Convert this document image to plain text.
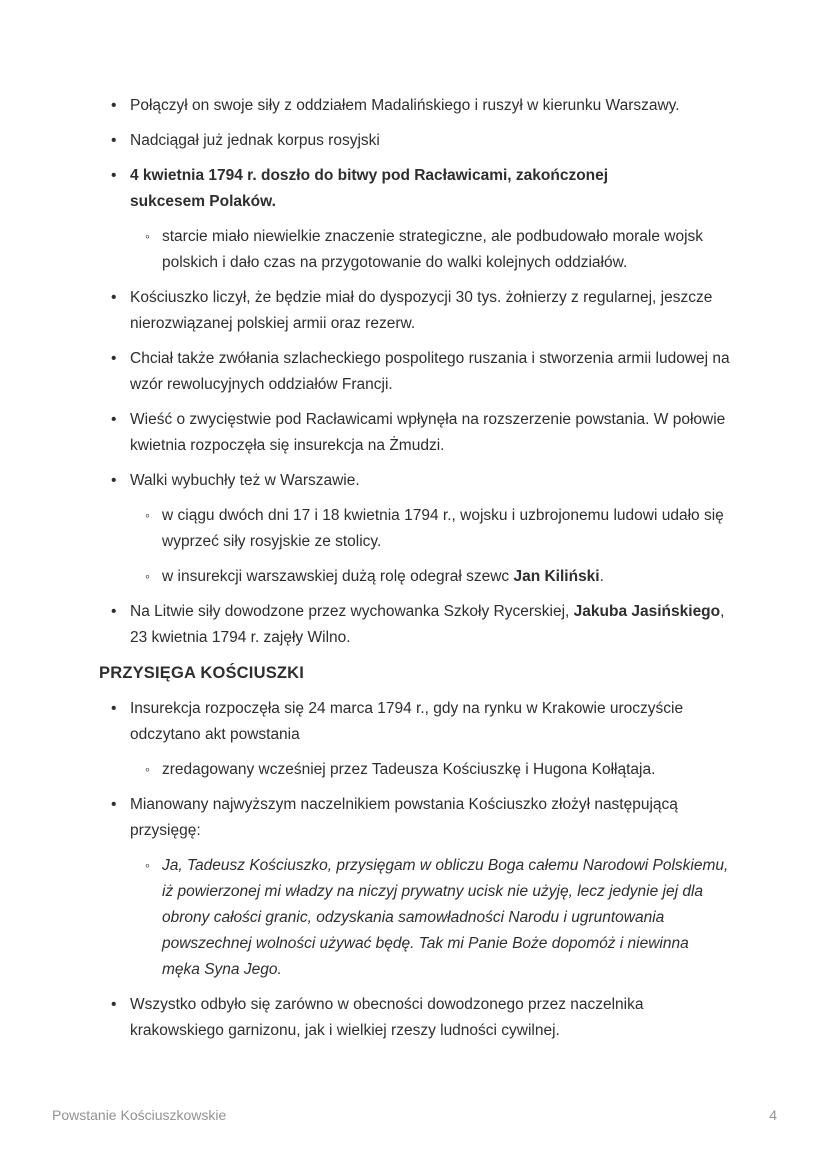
• Połączył on swoje siły z oddziałem Madalińskiego i ruszył w kierunku Warszawy.
• Nadciągał już jednak korpus rosyjski
• 4 kwietnia 1794 r. doszło do bitwy pod Racławicami, zakończonej
sukcesem Polaków.
◦ starcie miało niewielkie znaczenie strategiczne, ale podbudowało morale wojsk polskich i dało czas na przygotowanie do walki kolejnych oddziałów.
• Kościuszko liczył, że będzie miał do dyspozycji 30 tys. żołnierzy z regularnej, jeszcze nierozwiązanej polskiej armii oraz rezerw.
• Chciał także zwółania szlacheckiego pospolitego ruszania i stworzenia armii ludowej na wzór rewolucyjnych oddziałów Francji.
• Wieść o zwycięstwie pod Racławicami wpłynęła na rozszerzenie powstania. W połowie kwietnia rozpoczęła się insurekcja na Żmudzi.
• Walki wybuchły też w Warszawie.
◦ w ciągu dwóch dni 17 i 18 kwietnia 1794 r., wojsku i uzbrojonemu ludowi udało się wyprzeć siły rosyjskie ze stolicy.
◦ w insurekcji warszawskiej dużą rolę odegrał szewc Jan Kiliński.
• Na Litwie siły dowodzone przez wychowanka Szkoły Rycerskiej, Jakuba Jasińskiego, 23 kwietnia 1794 r. zajęły Wilno.
PRZYSIĘGA KOŚCIUSZKI
• Insurekcja rozpoczęła się 24 marca 1794 r., gdy na rynku w Krakowie uroczyście odczytano akt powstania
◦ zredagowany wcześniej przez Tadeusza Kościuszkę i Hugona Kołłątaja.
• Mianowany najwyższym naczelnikiem powstania Kościuszko złożył następującą przysięgę:
◦ Ja, Tadeusz Kościuszko, przysięgam w obliczu Boga całemu Narodowi Polskiemu, iż powierzonej mi władzy na niczyj prywatny ucisk nie użyję, lecz jedynie jej dla obrony całości granic, odzyskania samowładności Narodu i ugruntowania powszechnej wolności używać będę. Tak mi Panie Boże dopomóż i niewinna męka Syna Jego.
• Wszystko odbyło się zarówno w obecności dowodzonego przez naczelnika krakowskiego garnizonu, jak i wielkiej rzeszy ludności cywilnej.
Powstanie Kościuszkowskie	4
